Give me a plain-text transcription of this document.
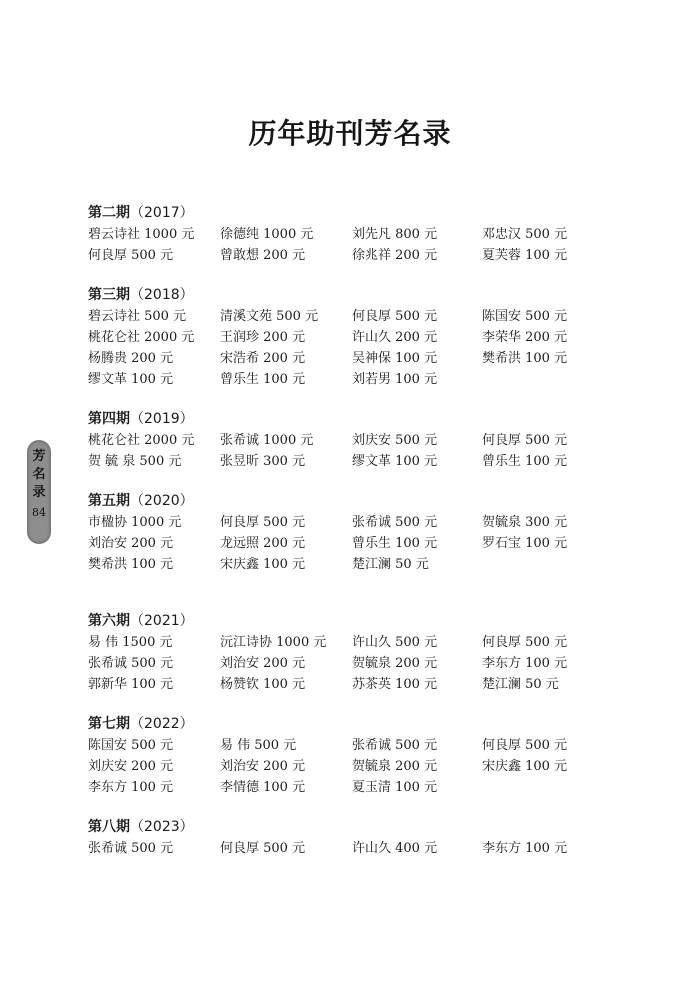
历年助刊芳名录
芳
名
录
84
第二期（2017）
碧云诗社 1000 元	徐德纯 1000 元	刘先凡 800 元	邓忠汉 500 元
何良厚 500 元	曾敢想 200 元	徐兆祥 200 元	夏芙蓉 100 元
第三期（2018）
碧云诗社 500 元	清溪文苑 500 元	何良厚 500 元	陈国安 500 元
桃花仑社 2000 元	王润珍 200 元	许山久 200 元	李荣华 200 元
杨腾贵 200 元	宋浩希 200 元	吴神保 100 元	樊希洪 100 元
缪文革 100 元	曾乐生 100 元	刘若男 100 元
第四期（2019）
桃花仑社 2000 元	张希诚 1000 元	刘庆安 500 元	何良厚 500 元
贺 毓 泉 500 元	张昱昕 300 元	缪文革 100 元	曾乐生 100 元
第五期（2020）
市楹协 1000 元	何良厚 500 元	张希诚 500 元	贺毓泉 300 元
刘治安 200 元	龙远照 200 元	曾乐生 100 元	罗石宝 100 元
樊希洪 100 元	宋庆鑫 100 元	楚江澜 50 元
第六期（2021）
易 伟 1500 元	沅江诗协 1000 元	许山久 500 元	何良厚 500 元
张希诚 500 元	刘治安 200 元	贺毓泉 200 元	李东方 100 元
郭新华 100 元	杨赞钦 100 元	苏茶英 100 元	楚江澜 50 元
第七期（2022）
陈国安 500 元	易 伟 500 元	张希诚 500 元	何良厚 500 元
刘庆安 200 元	刘治安 200 元	贺毓泉 200 元	宋庆鑫 100 元
李东方 100 元	李情德 100 元	夏玉清 100 元
第八期（2023）
张希诚 500 元	何良厚 500 元	许山久 400 元	李东方 100 元
